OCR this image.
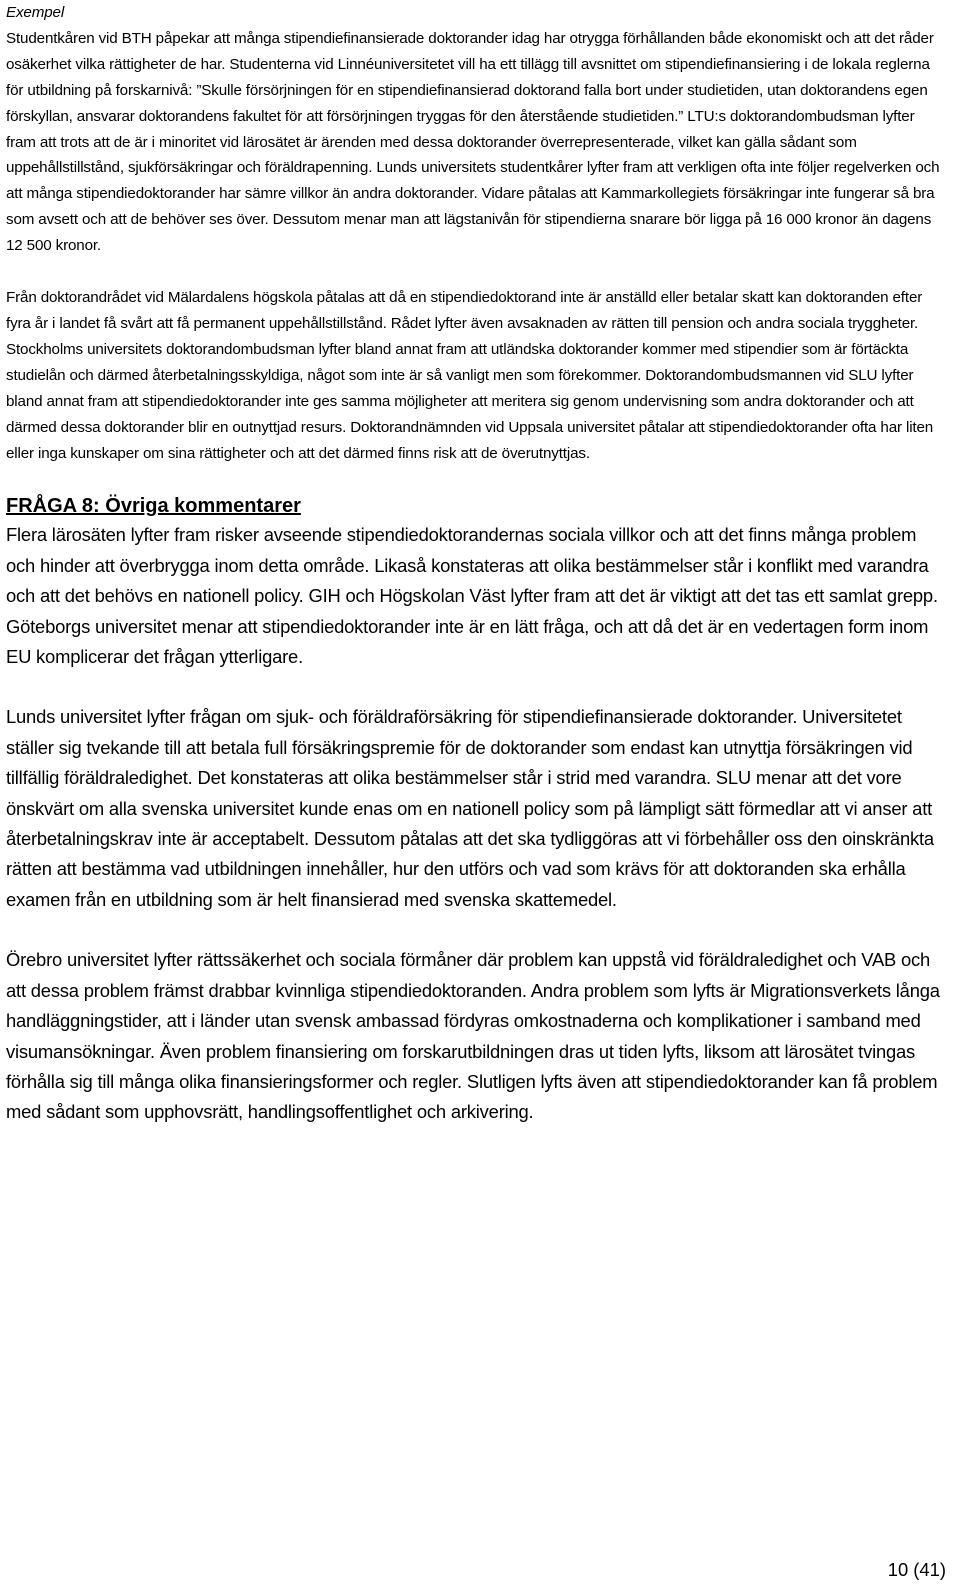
Exempel

Studentkåren vid BTH påpekar att många stipendiefinansierade doktorander idag har otrygga förhållanden både ekonomiskt och att det råder osäkerhet vilka rättigheter de har. Studenterna vid Linnéuniversitetet vill ha ett tillägg till avsnittet om stipendiefinansiering i de lokala reglerna för utbildning på forskarnivå: ”Skulle försörjningen för en stipendiefinansierad doktorand falla bort under studietiden, utan doktorandens egen förskyllan, ansvarar doktorandens fakultet för att försörjningen tryggas för den återstående studietiden.” LTU:s doktorandombudsman lyfter fram att trots att de är i minoritet vid lärosätet är ärenden med dessa doktorander överrepresenterade, vilket kan gälla sådant som uppehållstillstånd, sjukförsäkringar och föräldrapenning. Lunds universitets studentkårer lyfter fram att verkligen ofta inte följer regelverken och att många stipendiedoktorander har sämre villkor än andra doktorander. Vidare påtalas att Kammarkollegiets försäkringar inte fungerar så bra som avsett och att de behöver ses över. Dessutom menar man att lägstanivån för stipendierna snarare bör ligga på 16 000 kronor än dagens 12 500 kronor.

Från doktorandrådet vid Mälardalens högskola påtalas att då en stipendiedoktorand inte är anställd eller betalar skatt kan doktoranden efter fyra år i landet få svårt att få permanent uppehållstillstånd. Rådet lyfter även avsaknaden av rätten till pension och andra sociala tryggheter. Stockholms universitets doktorandombudsman lyfter bland annat fram att utländska doktorander kommer med stipendier som är förtäckta studielån och därmed återbetalningsskyldiga, något som inte är så vanligt men som förekommer. Doktorandombudsmannen vid SLU lyfter bland annat fram att stipendiedoktorander inte ges samma möjligheter att meritera sig genom undervisning som andra doktorander och att därmed dessa doktorander blir en outnyttjad resurs. Doktorandnämnden vid Uppsala universitet påtalar att stipendiedoktorander ofta har liten eller inga kunskaper om sina rättigheter och att det därmed finns risk att de överutnyttjas.

FRÅGA 8: Övriga kommentarer

Flera lärosäten lyfter fram risker avseende stipendiedoktorandernas sociala villkor och att det finns många problem och hinder att överbrygga inom detta område. Likaså konstateras att olika bestämmelser står i konflikt med varandra och att det behövs en nationell policy. GIH och Högskolan Väst lyfter fram att det är viktigt att det tas ett samlat grepp. Göteborgs universitet menar att stipendiedoktorander inte är en lätt fråga, och att då det är en vedertagen form inom EU komplicerar det frågan ytterligare.

Lunds universitet lyfter frågan om sjuk- och föräldraförsäkring för stipendiefinansierade doktorander. Universitetet ställer sig tvekande till att betala full försäkringspremie för de doktorander som endast kan utnyttja försäkringen vid tillfällig föräldraledighet. Det konstateras att olika bestämmelser står i strid med varandra. SLU menar att det vore önskvärt om alla svenska universitet kunde enas om en nationell policy som på lämpligt sätt förmedlar att vi anser att återbetalningskrav inte är acceptabelt. Dessutom påtalas att det ska tydliggöras att vi förbehåller oss den oinskränkta rätten att bestämma vad utbildningen innehåller, hur den utförs och vad som krävs för att doktoranden ska erhålla examen från en utbildning som är helt finansierad med svenska skattemedel.

Örebro universitet lyfter rättssäkerhet och sociala förmåner där problem kan uppstå vid föräldraledighet och VAB och att dessa problem främst drabbar kvinnliga stipendiedoktoranden. Andra problem som lyfts är Migrationsverkets långa handläggningstider, att i länder utan svensk ambassad fördyras omkostnaderna och komplikationer i samband med visumansökningar. Även problem finansiering om forskarutbildningen dras ut tiden lyfts, liksom att lärosätet tvingas förhålla sig till många olika finansieringsformer och regler. Slutligen lyfts även att stipendiedoktorander kan få problem med sådant som upphovsrätt, handlingsoffentlighet och arkivering.

10 (41)
